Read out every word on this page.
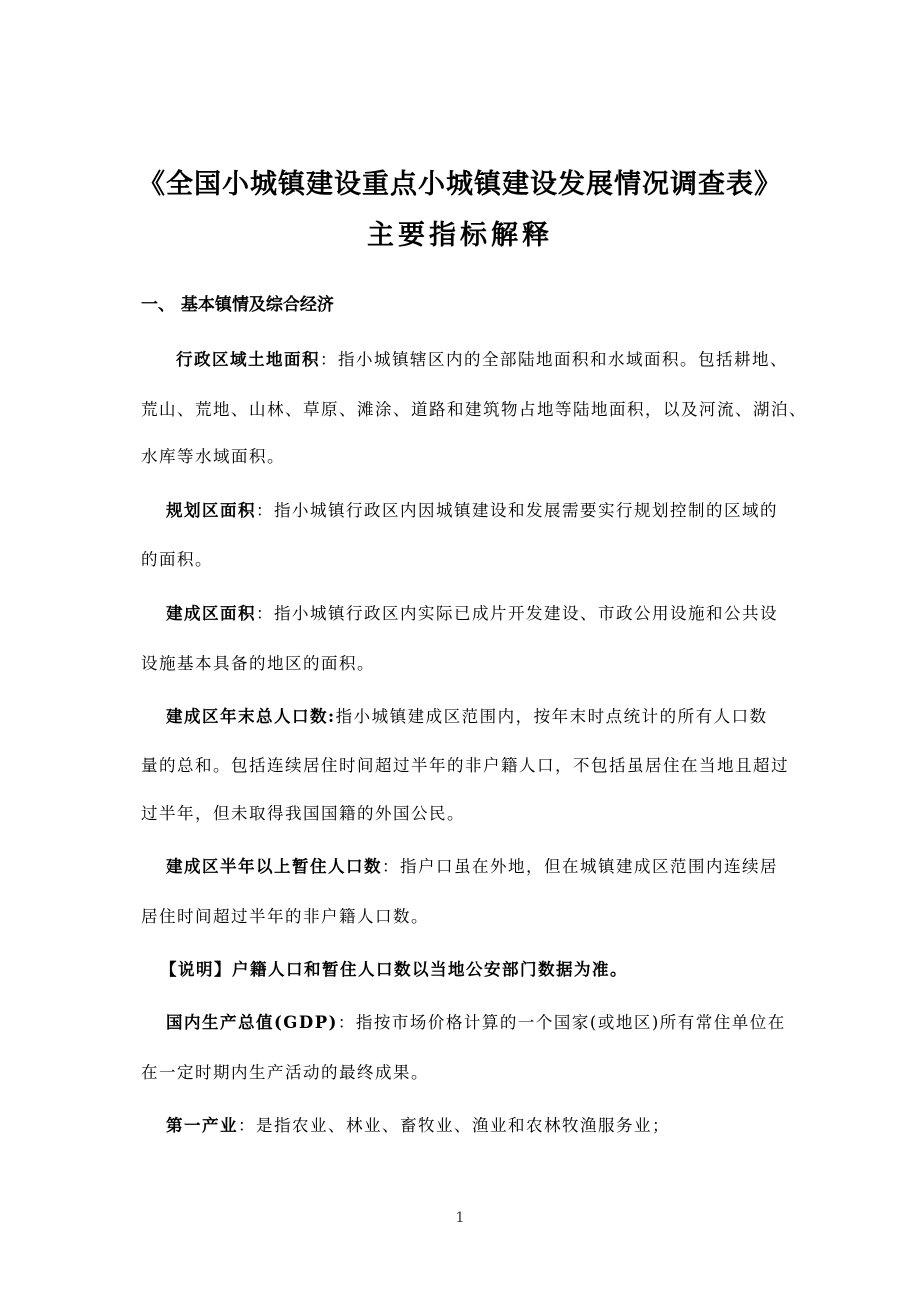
《全国小城镇建设重点小城镇建设发展情况调查表》
主要指标解释
一、 基本镇情及综合经济
行政区域土地面积：指小城镇辖区内的全部陆地面积和水域面积。包括耕地、
荒山、荒地、山林、草原、滩涂、道路和建筑物占地等陆地面积，以及河流、湖泊、
水库等水域面积。
规划区面积：指小城镇行政区内因城镇建设和发展需要实行规划控制的区域的
的面积。
建成区面积：指小城镇行政区内实际已成片开发建设、市政公用设施和公共设
设施基本具备的地区的面积。
建成区年末总人口数:指小城镇建成区范围内，按年末时点统计的所有人口数
量的总和。包括连续居住时间超过半年的非户籍人口，不包括虽居住在当地且超过
过半年，但未取得我国国籍的外国公民。
建成区半年以上暂住人口数：指户口虽在外地，但在城镇建成区范围内连续居
居住时间超过半年的非户籍人口数。
【说明】户籍人口和暂住人口数以当地公安部门数据为准。
国内生产总值(GDP)：指按市场价格计算的一个国家(或地区)所有常住单位在
在一定时期内生产活动的最终成果。
第一产业：是指农业、林业、畜牧业、渔业和农林牧渔服务业；
1
